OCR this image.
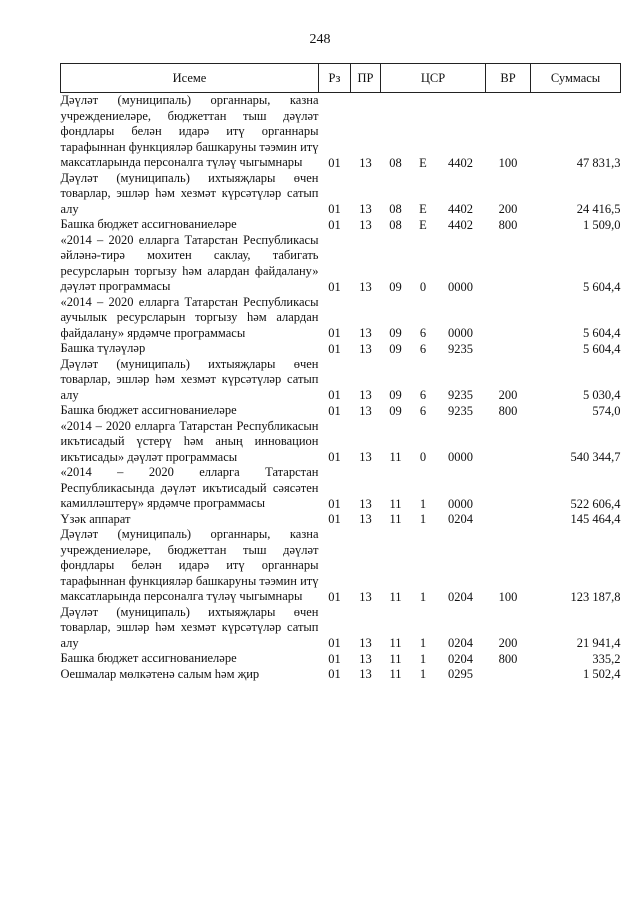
248
Исеме	Рз	ПР	ЦСР			ВР	Суммасы
Дәүләт (муниципаль) органнары, казна учреждениеләре, бюджеттан тыш дәүләт фондлары белән идарә итү органнары тарафыннан функцияләр башкаруны тәэмин итү максатларында персоналга түләү чыгымнары	01	13	08	Е	4402	100	47 831,3
Дәүләт (муниципаль) ихтыяҗлары өчен товарлар, эшләр һәм хезмәт күрсәтүләр сатып алу	01	13	08	Е	4402	200	24 416,5
Башка бюджет ассигнованиеләре	01	13	08	Е	4402	800	1 509,0
«2014 – 2020 елларга Татарстан Республикасы әйләнә-тирә мохитен саклау, табигать ресурсларын торгызу һәм алардан файдалану» дәүләт программасы	01	13	09	0	0000		5 604,4
«2014 – 2020 елларга Татарстан Республикасы аучылык ресурсларын торгызу һәм алардан файдалану» ярдәмче программасы	01	13	09	6	0000		5 604,4
Башка түләүләр	01	13	09	6	9235		5 604,4
Дәүләт (муниципаль) ихтыяҗлары өчен товарлар, эшләр һәм хезмәт күрсәтүләр сатып алу	01	13	09	6	9235	200	5 030,4
Башка бюджет ассигнованиеләре	01	13	09	6	9235	800	574,0
«2014 – 2020 елларга Татарстан Республикасын икътисадый үстерү һәм аның инновацион икътисады» дәүләт программасы	01	13	11	0	0000		540 344,7
«2014 – 2020 елларга Татарстан Республикасында дәүләт икътисадый сәясәтен камилләштерү» ярдәмче программасы	01	13	11	1	0000		522 606,4
Үзәк аппарат	01	13	11	1	0204		145 464,4
Дәүләт (муниципаль) органнары, казна учреждениеләре, бюджеттан тыш дәүләт фондлары белән идарә итү органнары тарафыннан функцияләр башкаруны тәэмин итү максатларында персоналга түләү чыгымнары	01	13	11	1	0204	100	123 187,8
Дәүләт (муниципаль) ихтыяҗлары өчен товарлар, эшләр һәм хезмәт күрсәтүләр сатып алу	01	13	11	1	0204	200	21 941,4
Башка бюджет ассигнованиеләре	01	13	11	1	0204	800	335,2
Оешмалар мөлкәтенә салым һәм җир	01	13	11	1	0295		1 502,4
